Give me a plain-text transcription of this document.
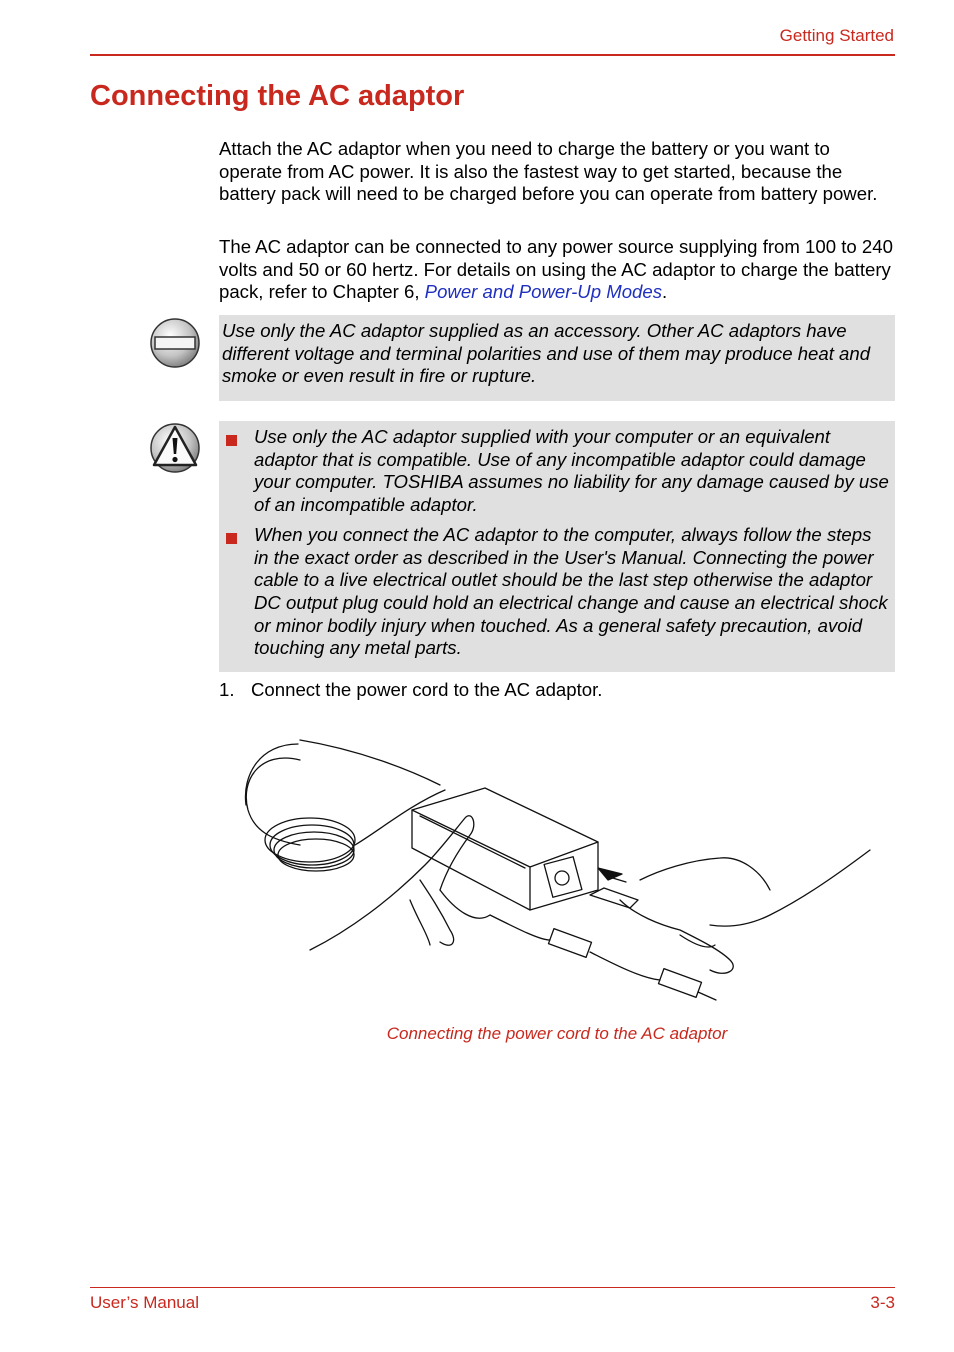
Getting Started
Connecting the AC adaptor

Attach the AC adaptor when you need to charge the battery or you want to operate from AC power. It is also the fastest way to get started, because the battery pack will need to be charged before you can operate from battery power.

The AC adaptor can be connected to any power source supplying from 100 to 240 volts and 50 or 60 hertz. For details on using the AC adaptor to charge the battery pack, refer to Chapter 6, Power and Power-Up Modes.

Use only the AC adaptor supplied as an accessory. Other AC adaptors have different voltage and terminal polarities and use of them may produce heat and smoke or even result in fire or rupture.
Use only the AC adaptor supplied with your computer or an equivalent adaptor that is compatible. Use of any incompatible adaptor could damage your computer. TOSHIBA assumes no liability for any damage caused by use of an incompatible adaptor.
When you connect the AC adaptor to the computer, always follow the steps in the exact order as described in the User's Manual. Connecting the power cable to a live electrical outlet should be the last step otherwise the adaptor DC output plug could hold an electrical change and cause an electrical shock or minor bodily injury when touched. As a general safety precaution, avoid touching any metal parts.
1. Connect the power cord to the AC adaptor.
Connecting the power cord to the AC adaptor
User’s Manual	3-3
